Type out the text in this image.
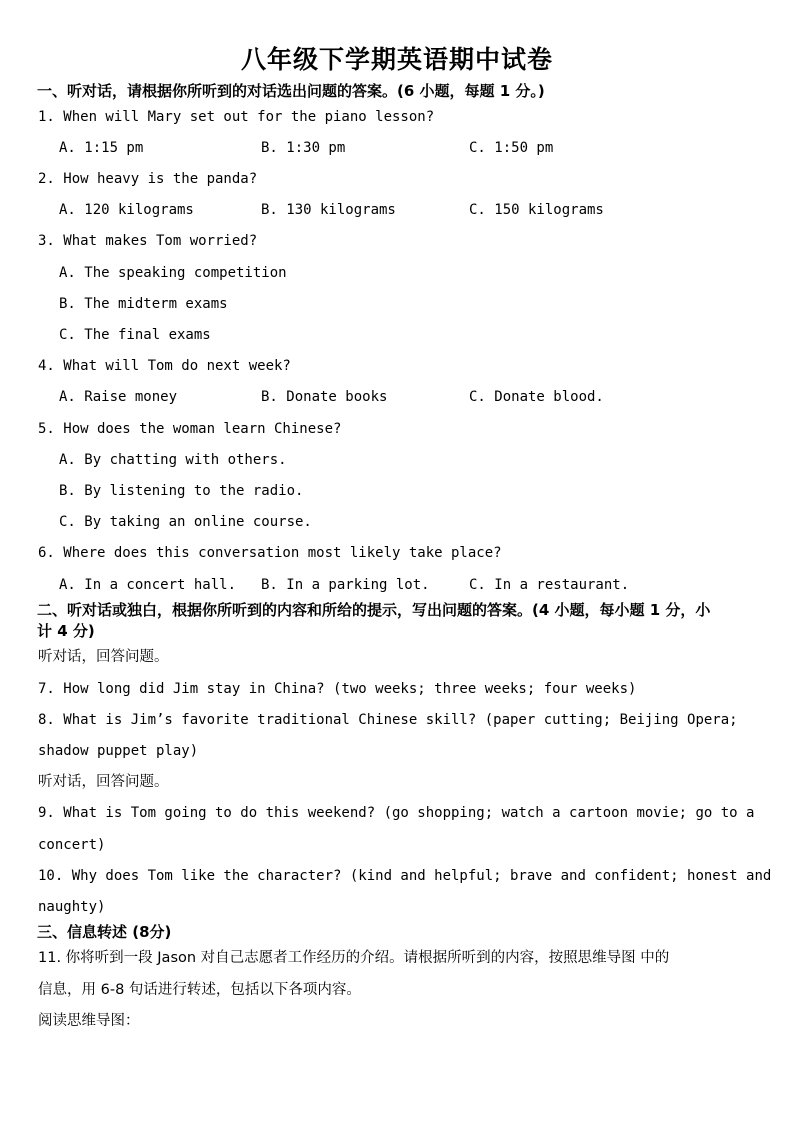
八年级下学期英语期中试卷
一、听对话，请根据你所听到的对话选出问题的答案。(6 小题，每题 1 分。)
1. When will Mary set out for the piano lesson?
A. 1:15 pm	B. 1:30 pm	C. 1:50 pm
2. How heavy is the panda?
A. 120 kilograms	B. 130 kilograms	C. 150 kilograms
3. What makes Tom worried?
A. The speaking competition
B. The midterm exams
C. The final exams
4. What will Tom do next week?
A. Raise money	B. Donate books	C. Donate blood.
5. How does the woman learn Chinese?
A. By chatting with others.
B. By listening to the radio.
C. By taking an online course.
6. Where does this conversation most likely take place?
A. In a concert hall. B. In a parking lot.	C. In a restaurant.
二、听对话或独白，根据你所听到的内容和所给的提示，写出问题的答案。(4 小题，每小题 1 分，小
计 4 分)
听对话，回答问题。
7. How long did Jim stay in China? (two weeks; three weeks; four weeks)
8. What is Jim’s favorite traditional Chinese skill? (paper cutting; Beijing Opera;
shadow puppet play)
听对话，回答问题。
9. What is Tom going to do this weekend? (go shopping; watch a cartoon movie; go to a
concert)
10. Why does Tom like the character? (kind and helpful; brave and confident; honest and
naughty)
三、信息转述 (8分)
11. 你将听到一段 Jason 对自己志愿者工作经历的介绍。请根据所听到的内容，按照思维导图 中的
信息，用 6-8 句话进行转述，包括以下各项内容。
阅读思维导图：
